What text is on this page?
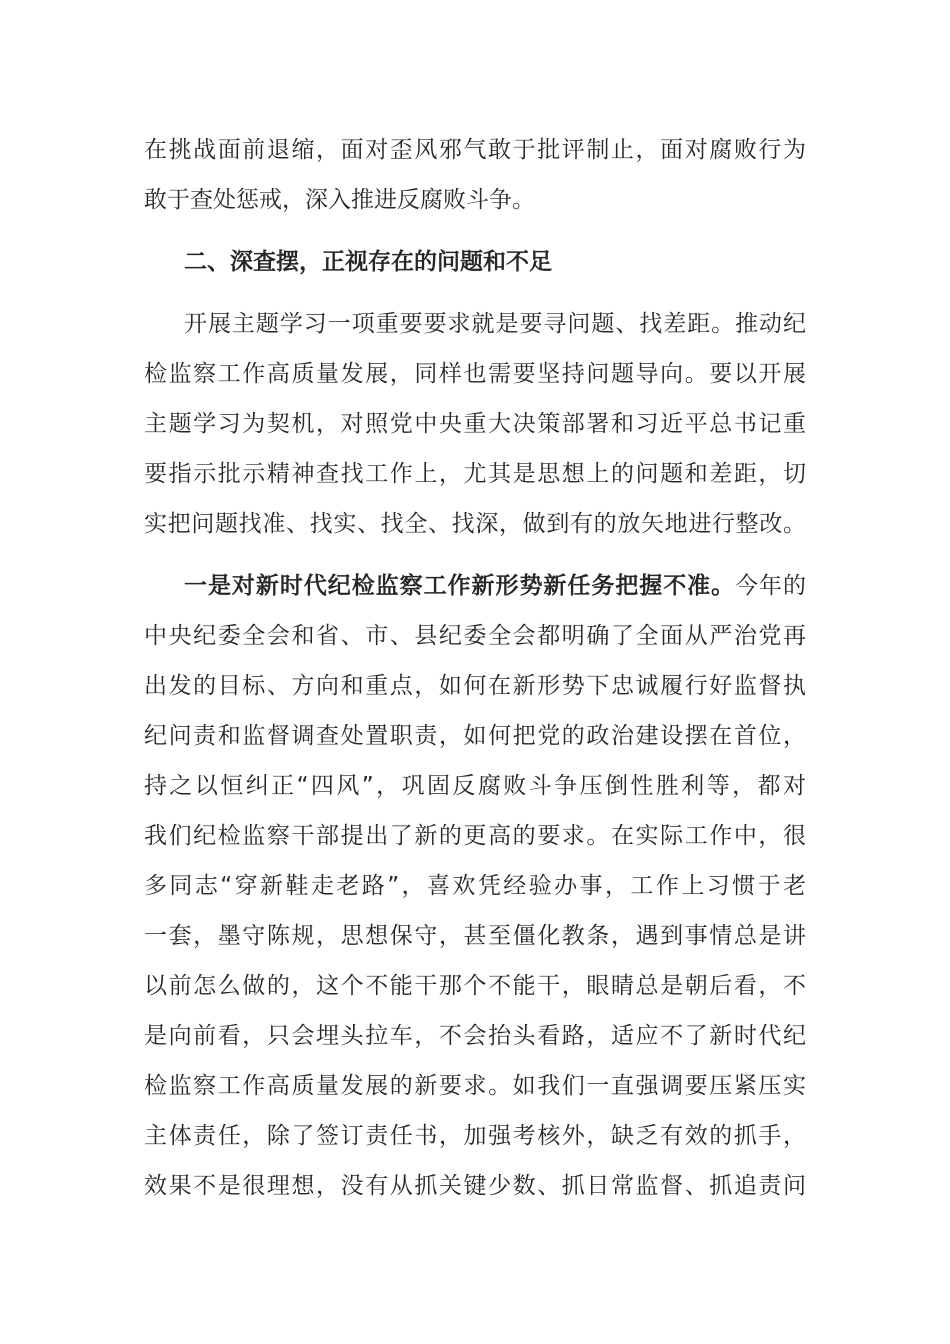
在挑战面前退缩，面对歪风邪气敢于批评制止，面对腐败行为
敢于查处惩戒，深入推进反腐败斗争。
二、深查摆，正视存在的问题和不足
开展主题学习一项重要要求就是要寻问题、找差距。推动纪
检监察工作高质量发展，同样也需要坚持问题导向。要以开展
主题学习为契机，对照党中央重大决策部署和习近平总书记重
要指示批示精神查找工作上，尤其是思想上的问题和差距，切
实把问题找准、找实、找全、找深，做到有的放矢地进行整改。
一是对新时代纪检监察工作新形势新任务把握不准。今年的
中央纪委全会和省、市、县纪委全会都明确了全面从严治党再
出发的目标、方向和重点，如何在新形势下忠诚履行好监督执
纪问责和监督调查处置职责，如何把党的政治建设摆在首位，
持之以恒纠正“四风”，巩固反腐败斗争压倒性胜利等，都对
我们纪检监察干部提出了新的更高的要求。在实际工作中，很
多同志“穿新鞋走老路”，喜欢凭经验办事，工作上习惯于老
一套，墨守陈规，思想保守，甚至僵化教条，遇到事情总是讲
以前怎么做的，这个不能干那个不能干，眼睛总是朝后看，不
是向前看，只会埋头拉车，不会抬头看路，适应不了新时代纪
检监察工作高质量发展的新要求。如我们一直强调要压紧压实
主体责任，除了签订责任书，加强考核外，缺乏有效的抓手，
效果不是很理想，没有从抓关键少数、抓日常监督、抓追责问
